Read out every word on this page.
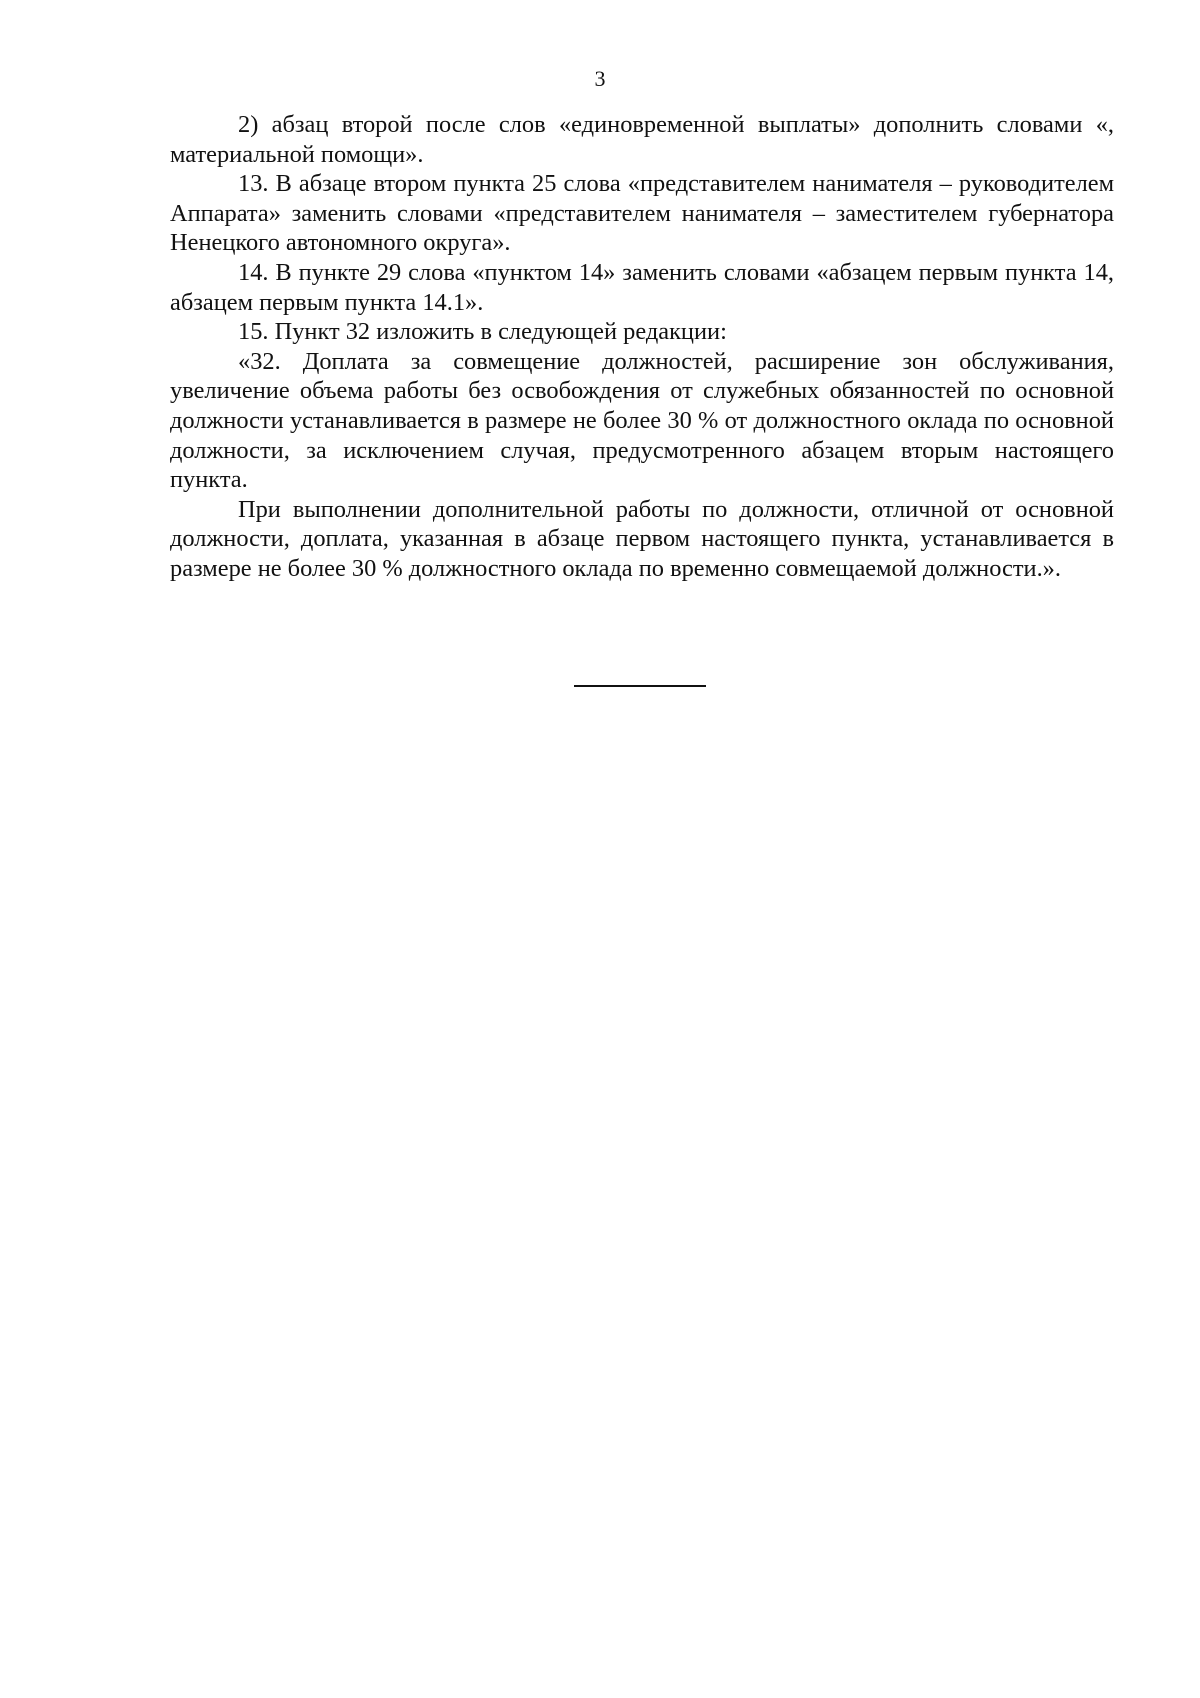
3

2) абзац второй после слов «единовременной выплаты» дополнить словами «, материальной помощи».

13. В абзаце втором пункта 25 слова «представителем нанимателя – руководителем Аппарата» заменить словами «представителем нанимателя – заместителем губернатора Ненецкого автономного округа».

14. В пункте 29 слова «пунктом 14» заменить словами «абзацем первым пункта 14, абзацем первым пункта 14.1».

15. Пункт 32 изложить в следующей редакции:

«32. Доплата за совмещение должностей, расширение зон обслуживания, увеличение объема работы без освобождения от служебных обязанностей по основной должности устанавливается в размере не более 30 % от должностного оклада по основной должности, за исключением случая, предусмотренного абзацем вторым настоящего пункта.

При выполнении дополнительной работы по должности, отличной от основной должности, доплата, указанная в абзаце первом настоящего пункта, устанавливается в размере не более 30 % должностного оклада по временно совмещаемой должности.».
